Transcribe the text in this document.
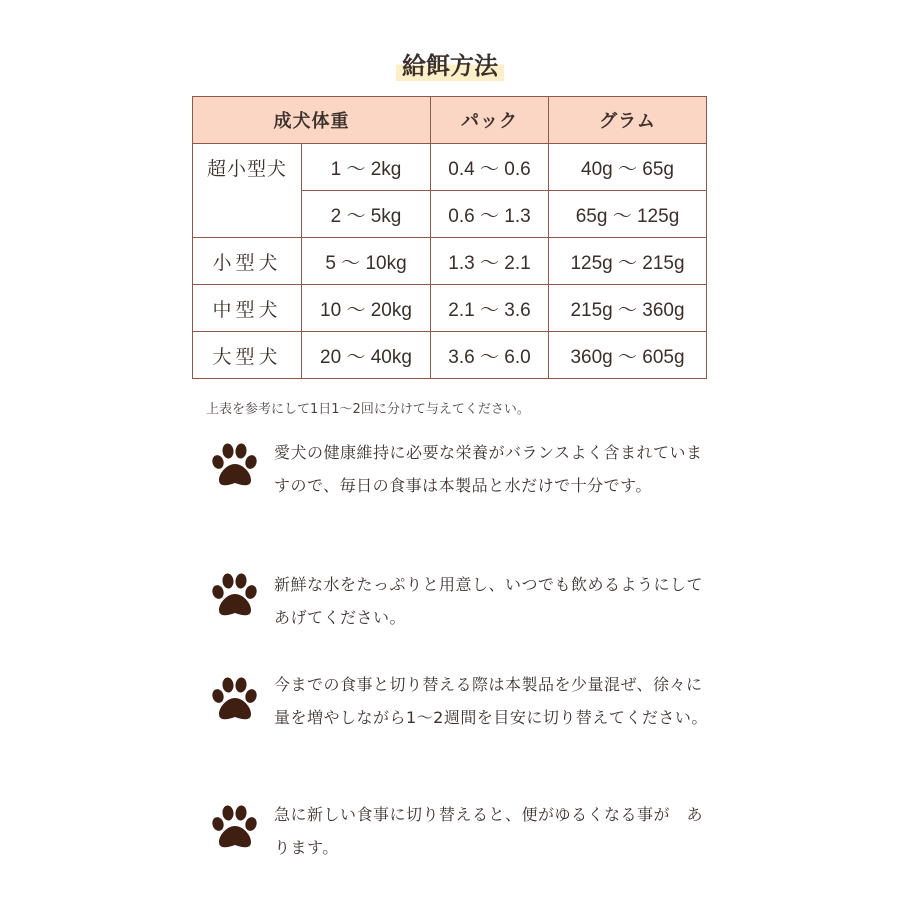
給餌方法
成犬体重		パック	グラム
超小型犬	1 〜 2kg	0.4 〜 0.6	40g 〜 65g
	2 〜 5kg	0.6 〜 1.3	65g 〜 125g
小型犬	5 〜 10kg	1.3 〜 2.1	125g 〜 215g
中型犬	10 〜 20kg	2.1 〜 3.6	215g 〜 360g
大型犬	20 〜 40kg	3.6 〜 6.0	360g 〜 605g
上表を参考にして1日1〜2回に分けて与えてください。
愛犬の健康維持に必要な栄養がバランスよく含まれていますので、毎日の食事は本製品と水だけで十分です。
新鮮な水をたっぷりと用意し、いつでも飲めるようにしてあげてください。
今までの食事と切り替える際は本製品を少量混ぜ、徐々に量を増やしながら1〜2週間を目安に切り替えてください。
急に新しい食事に切り替えると、便がゆるくなる事が　あります。
